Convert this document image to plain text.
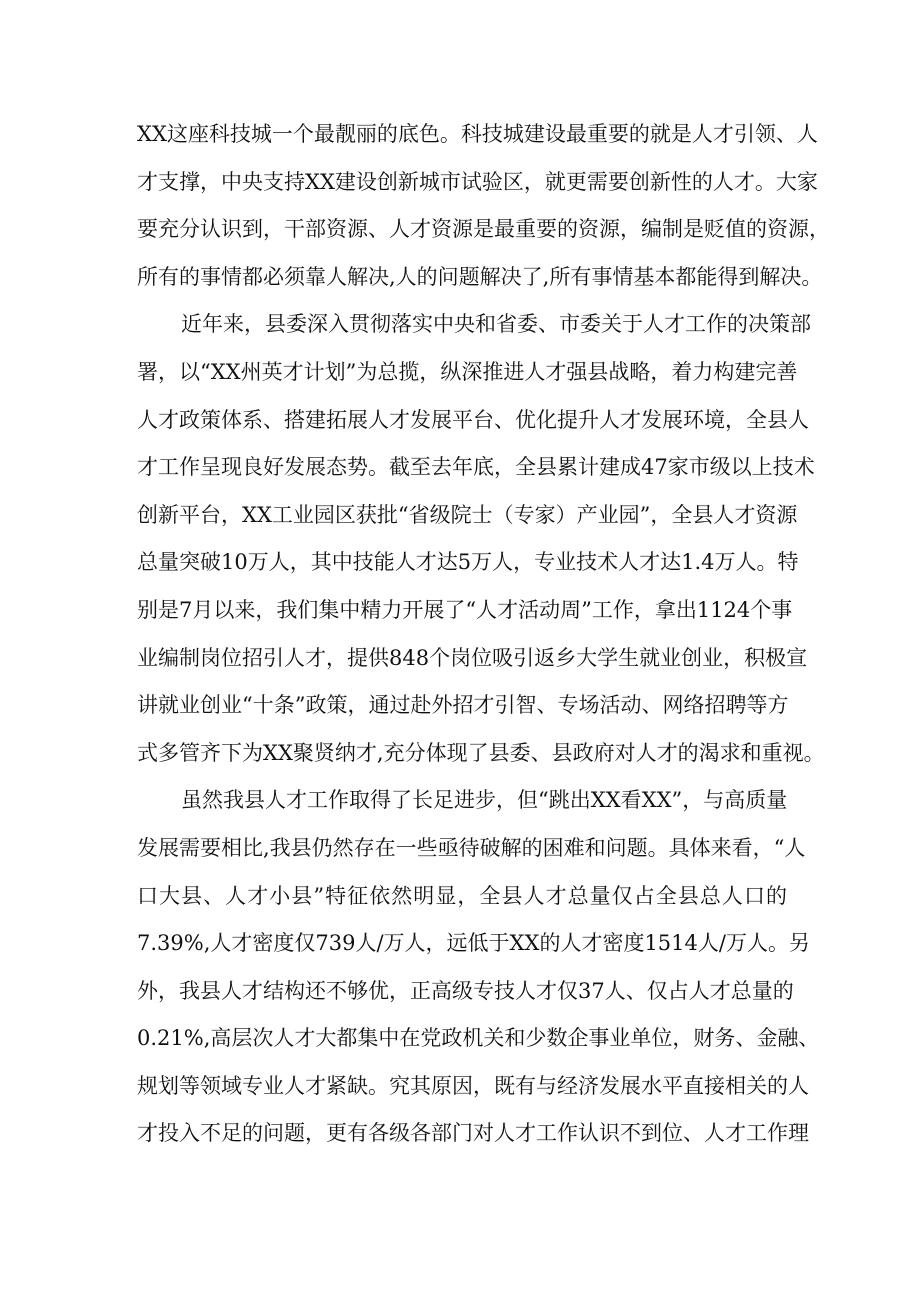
XX这座科技城一个最靓丽的底色。科技城建设最重要的就是人才引领、人
才支撑，中央支持XX建设创新城市试验区，就更需要创新性的人才。大家
要充分认识到，干部资源、人才资源是最重要的资源，编制是贬值的资源，
所有的事情都必须靠人解决,人的问题解决了,所有事情基本都能得到解决。
近年来，县委深入贯彻落实中央和省委、市委关于人才工作的决策部
署，以“XX州英才计划”为总揽，纵深推进人才强县战略，着力构建完善
人才政策体系、搭建拓展人才发展平台、优化提升人才发展环境，全县人
才工作呈现良好发展态势。截至去年底，全县累计建成47家市级以上技术
创新平台，XX工业园区获批“省级院士（专家）产业园”，全县人才资源
总量突破10万人，其中技能人才达5万人，专业技术人才达1.4万人。特
别是7月以来，我们集中精力开展了“人才活动周”工作，拿出1124个事
业编制岗位招引人才，提供848个岗位吸引返乡大学生就业创业，积极宣
讲就业创业“十条”政策，通过赴外招才引智、专场活动、网络招聘等方
式多管齐下为XX聚贤纳才,充分体现了县委、县政府对人才的渴求和重视。
虽然我县人才工作取得了长足进步，但“跳出XX看XX”，与高质量
发展需要相比,我县仍然存在一些亟待破解的困难和问题。具体来看，“人
口大县、人才小县”特征依然明显，全县人才总量仅占全县总人口的
7.39%,人才密度仅739人/万人，远低于XX的人才密度1514人/万人。另
外，我县人才结构还不够优，正高级专技人才仅37人、仅占人才总量的
0.21%,高层次人才大都集中在党政机关和少数企事业单位，财务、金融、
规划等领域专业人才紧缺。究其原因，既有与经济发展水平直接相关的人
才投入不足的问题，更有各级各部门对人才工作认识不到位、人才工作理
